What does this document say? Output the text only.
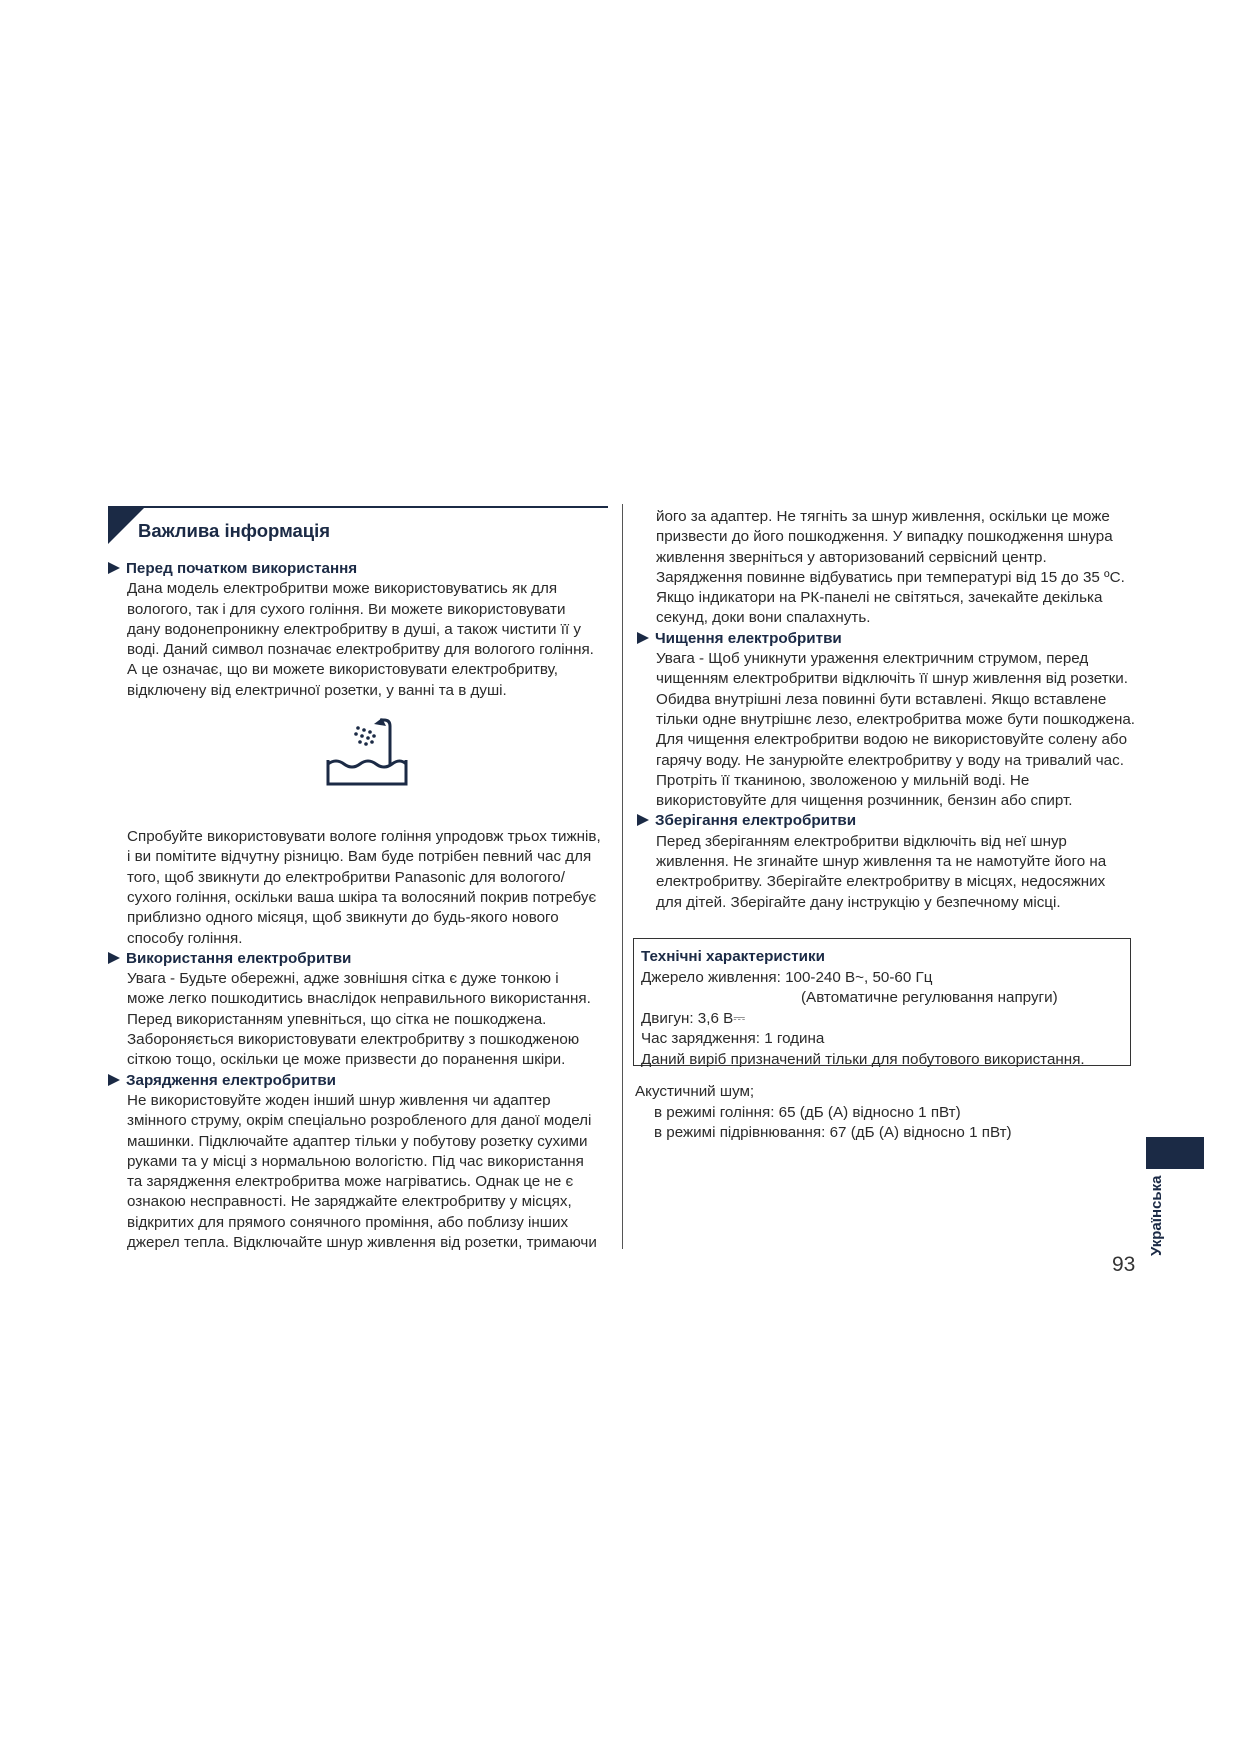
Важлива інформація
Перед початком використання
Дана модель електробритви може використовуватись як для
вологого, так і для сухого гоління. Ви можете використовувати
дану водонепроникну електробритву в душі, а також чистити її у
воді. Даний символ позначає електробритву для вологого гоління.
А це означає, що ви можете використовувати електробритву,
відключену від електричної розетки, у ванні та в душі.
Спробуйте використовувати вологе гоління упродовж трьох тижнів,
і ви помітите відчутну різницю. Вам буде потрібен певний час для
того, щоб звикнути до електробритви Panasonic для вологого/
сухого гоління, оскільки ваша шкіра та волосяний покрив потребує
приблизно одного місяця, щоб звикнути до будь-якого нового
способу гоління.
Використання електробритви
Увага - Будьте обережні, адже зовнішня сітка є дуже тонкою і
може легко пошкодитись внаслідок неправильного використання.
Перед використанням упевніться, що сітка не пошкоджена.
Забороняється використовувати електробритву з пошкодженою
сіткою тощо, оскільки це може призвести до поранення шкіри.
Зарядження електробритви
Не використовуйте жоден інший шнур живлення чи адаптер
змінного струму, окрім спеціально розробленого для даної моделі
машинки. Підключайте адаптер тільки у побутову розетку сухими
руками та у місці з нормальною вологістю. Під час використання
та зарядження електробритва може нагріватись. Однак це не є
ознакою несправності. Не заряджайте електробритву у місцях,
відкритих для прямого сонячного проміння, або поблизу інших
джерел тепла. Відключайте шнур живлення від розетки, тримаючи
його за адаптер. Не тягніть за шнур живлення, оскільки це може
призвести до його пошкодження. У випадку пошкодження шнура
живлення зверніться у авторизований сервісний центр.
Зарядження повинне відбуватись при температурі від 15 до 35 ºC.
Якщо індикатори на РК-панелі не світяться, зачекайте декілька
секунд, доки вони спалахнуть.
Чищення електробритви
Увага - Щоб уникнути ураження електричним струмом, перед
чищенням електробритви відключіть її шнур живлення від розетки.
Обидва внутрішні леза повинні бути вставлені. Якщо вставлене
тільки одне внутрішнє лезо, електробритва може бути пошкоджена.
Для чищення електробритви водою не використовуйте солену або
гарячу воду. Не занурюйте електробритву у воду на тривалий час.
Протріть її тканиною, зволоженою у мильній воді. Не
використовуйте для чищення розчинник, бензин або спирт.
Зберігання електробритви
Перед зберіганням електробритви відключіть від неї шнур
живлення. Не згинайте шнур живлення та не намотуйте його на
електробритву. Зберігайте електробритву в місцях, недосяжних
для дітей. Зберігайте дану інструкцію у безпечному місці.
Технічні характеристики
Джерело живлення: 100-240 В~, 50-60 Гц
(Автоматичне регулювання напруги)
Двигун: 3,6 В⎓
Час зарядження: 1 година
Даний виріб призначений тільки для побутового використання.
Акустичний шум;
в режимі гоління: 65 (дБ (A) відносно 1 пВт)
в режимі підрівнювання: 67 (дБ (A) відносно 1 пВт)
Українська
93
